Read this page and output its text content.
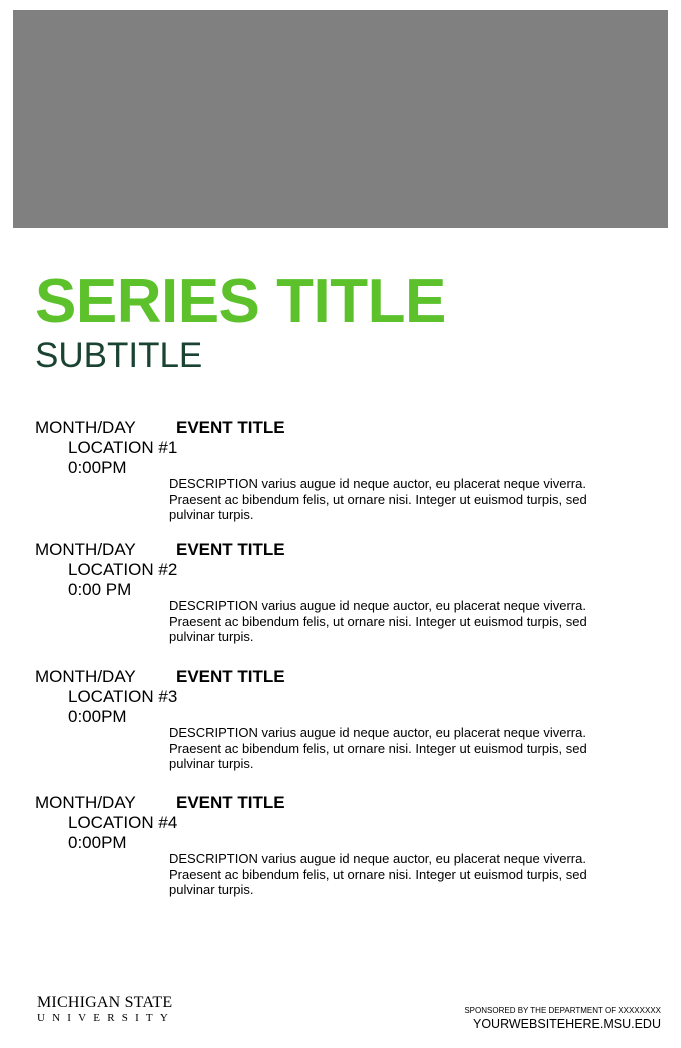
SERIES TITLE
SUBTITLE
MONTH/DAY EVENT TITLE
LOCATION #1
0:00PM
DESCRIPTION varius augue id neque auctor, eu placerat neque viverra. Praesent ac bibendum felis, ut ornare nisi. Integer ut euismod turpis, sed pulvinar turpis.
MONTH/DAY EVENT TITLE
LOCATION #2
0:00 PM
DESCRIPTION varius augue id neque auctor, eu placerat neque viverra. Praesent ac bibendum felis, ut ornare nisi. Integer ut euismod turpis, sed pulvinar turpis.
MONTH/DAY EVENT TITLE
LOCATION #3
0:00PM
DESCRIPTION varius augue id neque auctor, eu placerat neque viverra. Praesent ac bibendum felis, ut ornare nisi. Integer ut euismod turpis, sed pulvinar turpis.
MONTH/DAY EVENT TITLE
LOCATION #4
0:00PM
DESCRIPTION varius augue id neque auctor, eu placerat neque viverra. Praesent ac bibendum felis, ut ornare nisi. Integer ut euismod turpis, sed pulvinar turpis.
MICHIGAN STATE
UNIVERSITY
SPONSORED BY THE DEPARTMENT OF XXXXXXXX
YOURWEBSITEHERE.MSU.EDU
